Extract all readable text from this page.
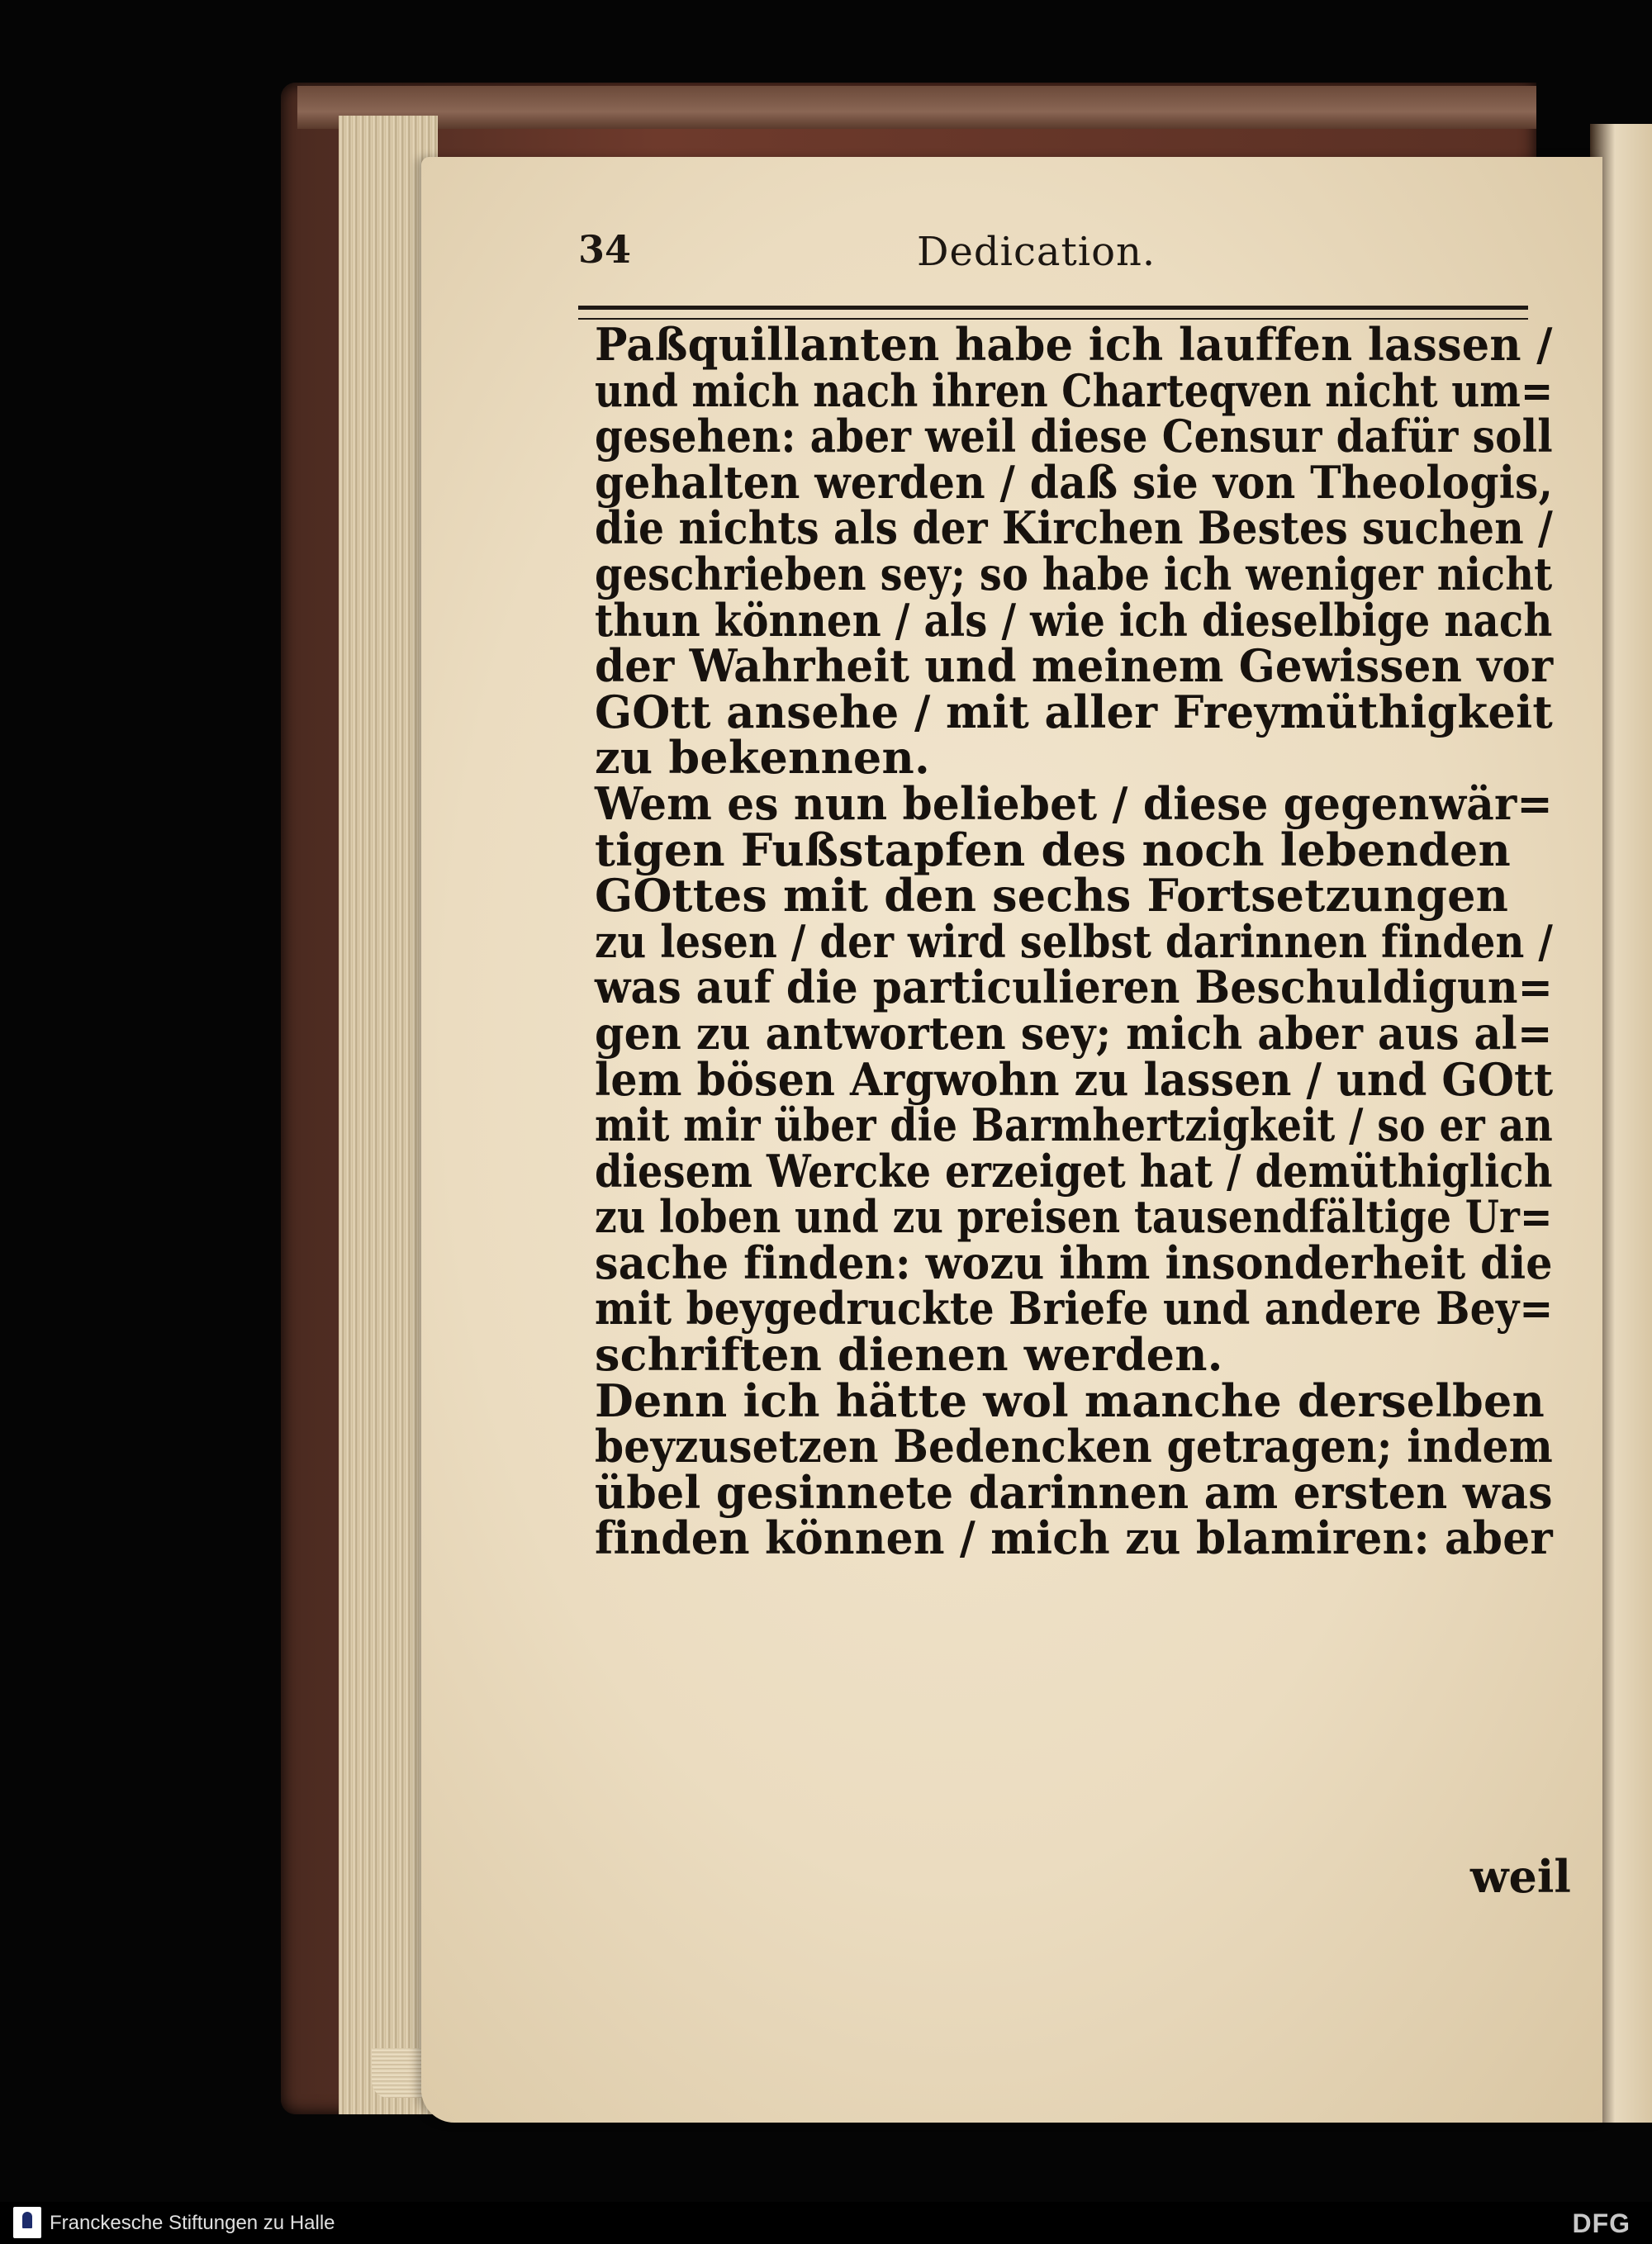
34	Dedication.
Paßquillanten habe ich lauffen lassen /
und mich nach ihren Charteqven nicht um=
gesehen: aber weil diese Censur dafür soll
gehalten werden / daß sie von Theologis,
die nichts als der Kirchen Bestes suchen /
geschrieben sey; so habe ich weniger nicht
thun können / als / wie ich dieselbige nach
der Wahrheit und meinem Gewissen vor
GOtt ansehe / mit aller Freymüthigkeit
zu bekennen.
Wem es nun beliebet / diese gegenwär=
tigen Fußstapfen des noch lebenden
GOttes mit den sechs Fortsetzungen
zu lesen / der wird selbst darinnen finden /
was auf die particulieren Beschuldigun=
gen zu antworten sey; mich aber aus al=
lem bösen Argwohn zu lassen / und GOtt
mit mir über die Barmhertzigkeit / so er an
diesem Wercke erzeiget hat / demüthiglich
zu loben und zu preisen tausendfältige Ur=
sache finden: wozu ihm insonderheit die
mit beygedruckte Briefe und andere Bey=
schriften dienen werden.
Denn ich hätte wol manche derselben
beyzusetzen Bedencken getragen; indem
übel gesinnete darinnen am ersten was
finden können / mich zu blamiren: aber
weil
Franckesche Stiftungen zu Halle	DFG
